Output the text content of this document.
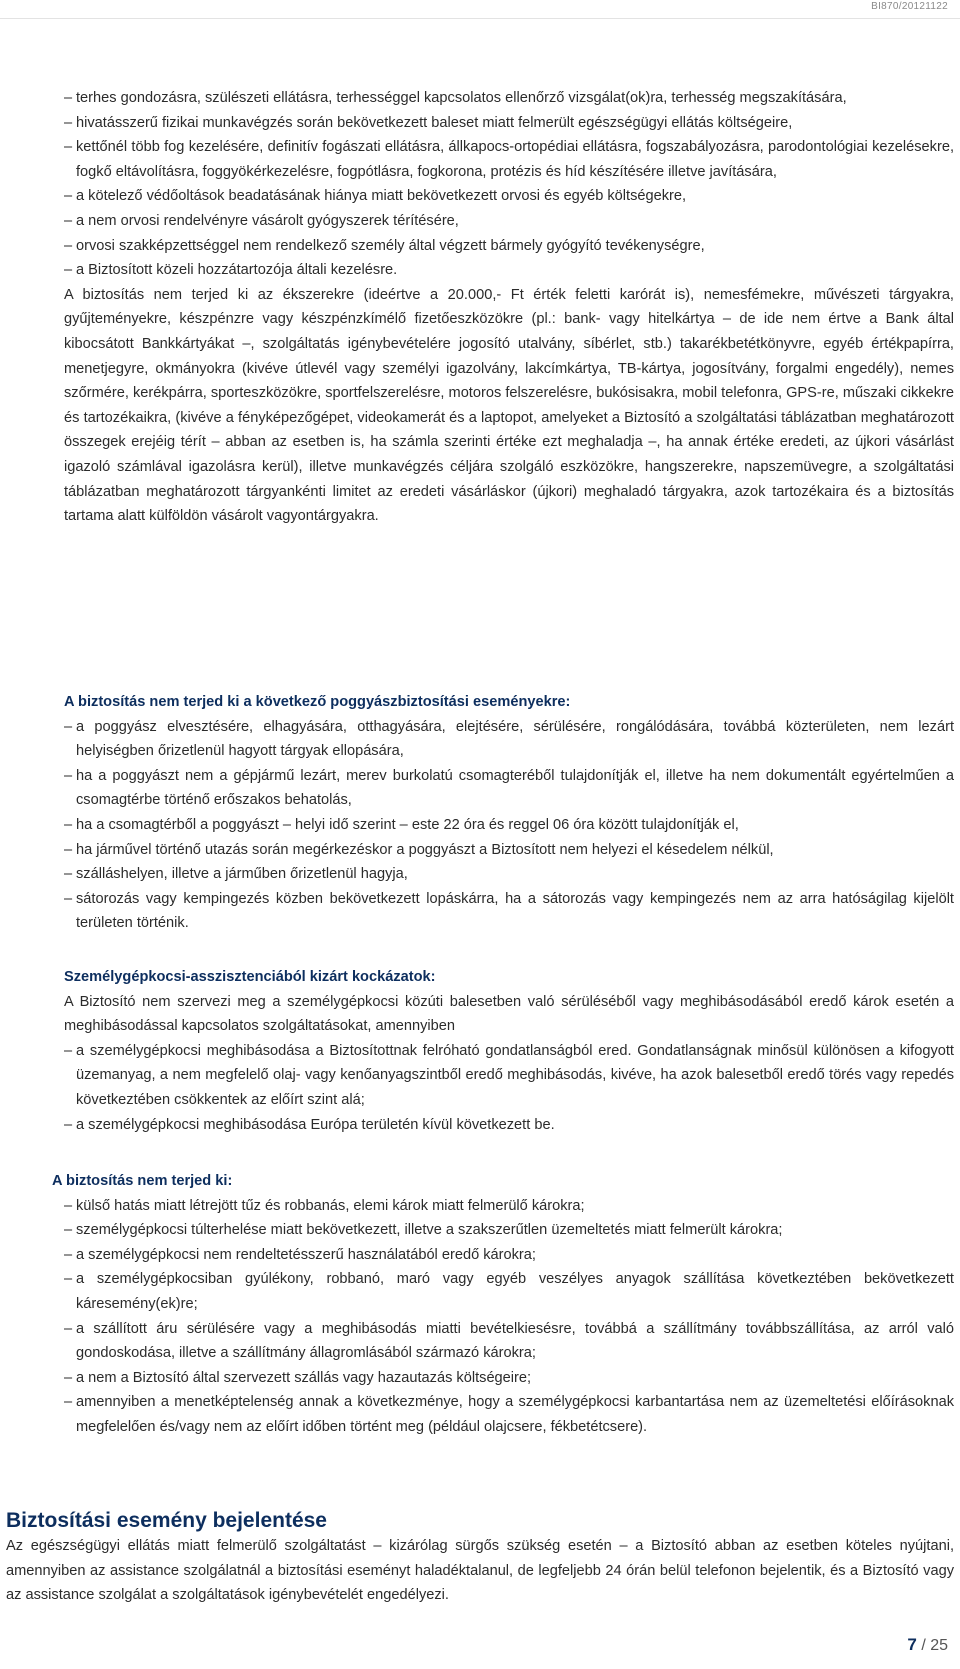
BI870/20121122

– terhes gondozásra, szülészeti ellátásra, terhességgel kapcsolatos ellenőrző vizsgálat(ok)ra, terhesség megszakítására,

– hivatásszerű fizikai munkavégzés során bekövetkezett baleset miatt felmerült egészségügyi ellátás költségeire,

– kettőnél több fog kezelésére, definitív fogászati ellátásra, állkapocs-ortopédiai ellátásra, fogszabályozásra, parodontológiai kezelésekre, fogkő eltávolításra, foggyökérkezelésre, fogpótlásra, fogkorona, protézis és híd készítésére illetve javítására,

– a kötelező védőoltások beadatásának hiánya miatt bekövetkezett orvosi és egyéb költségekre,

– a nem orvosi rendelvényre vásárolt gyógyszerek térítésére,

– orvosi szakképzettséggel nem rendelkező személy által végzett bármely gyógyító tevékenységre,

– a Biztosított közeli hozzátartozója általi kezelésre.

A biztosítás nem terjed ki az ékszerekre (ideértve a 20.000,- Ft érték feletti karórát is), nemesfémekre, művészeti tárgyakra, gyűjteményekre, készpénzre vagy készpénzkímélő fizetőeszközökre (pl.: bank- vagy hitelkártya – de ide nem értve a Bank által kibocsátott Bankkártyákat –, szolgáltatás igénybevételére jogosító utalvány, síbérlet, stb.) takarékbetétkönyvre, egyéb értékpapírra, menetjegyre, okmányokra (kivéve útlevél vagy személyi igazolvány, lakcímkártya, TB-kártya, jogosítvány, forgalmi engedély), nemes szőrmére, kerékpárra, sporteszközökre, sportfelszerelésre, motoros felszerelésre, bukósisakra, mobil telefonra, GPS-re, műszaki cikkekre és tartozékaikra, (kivéve a fényképezőgépet, videokamerát és a laptopot, amelyeket a Biztosító a szolgáltatási táblázatban meghatározott összegek erejéig térít – abban az esetben is, ha számla szerinti értéke ezt meghaladja –, ha annak értéke eredeti, az újkori vásárlást igazoló számlával igazolásra kerül), illetve munkavégzés céljára szolgáló eszközökre, hangszerekre, napszemüvegre, a szolgáltatási táblázatban meghatározott tárgyankénti limitet az eredeti vásárláskor (újkori) meghaladó tárgyakra, azok tartozékaira és a biztosítás tartama alatt külföldön vásárolt vagyontárgyakra.

A biztosítás nem terjed ki a következő poggyászbiztosítási eseményekre:

– a poggyász elvesztésére, elhagyására, otthagyására, elejtésére, sérülésére, rongálódására, továbbá közterületen, nem lezárt helyiségben őrizetlenül hagyott tárgyak ellopására,

– ha a poggyászt nem a gépjármű lezárt, merev burkolatú csomagteréből tulajdonítják el, illetve ha nem dokumentált egyértelműen a csomagtérbe történő erőszakos behatolás,

– ha a csomagtérből a poggyászt – helyi idő szerint – este 22 óra és reggel 06 óra között tulajdonítják el,

– ha járművel történő utazás során megérkezéskor a poggyászt a Biztosított nem helyezi el késedelem nélkül,

– szálláshelyen, illetve a járműben őrizetlenül hagyja,

– sátorozás vagy kempingezés közben bekövetkezett lopáskárra, ha a sátorozás vagy kempingezés nem az arra hatóságilag kijelölt területen történik.

Személygépkocsi-asszisztenciából kizárt kockázatok:

A Biztosító nem szervezi meg a személygépkocsi közúti balesetben való sérüléséből vagy meghibásodásából eredő károk esetén a meghibásodással kapcsolatos szolgáltatásokat, amennyiben

– a személygépkocsi meghibásodása a Biztosítottnak felróható gondatlanságból ered. Gondatlanságnak minősül különösen a kifogyott üzemanyag, a nem megfelelő olaj- vagy kenőanyagszintből eredő meghibásodás, kivéve, ha azok balesetből eredő törés vagy repedés következtében csökkentek az előírt szint alá;

– a személygépkocsi meghibásodása Európa területén kívül következett be.

A biztosítás nem terjed ki:

– külső hatás miatt létrejött tűz és robbanás, elemi károk miatt felmerülő károkra;

– személygépkocsi túlterhelése miatt bekövetkezett, illetve a szakszerűtlen üzemeltetés miatt felmerült károkra;

– a személygépkocsi nem rendeltetésszerű használatából eredő károkra;

– a személygépkocsiban gyúlékony, robbanó, maró vagy egyéb veszélyes anyagok szállítása következtében bekövetkezett káresemény(ek)re;

– a szállított áru sérülésére vagy a meghibásodás miatti bevételkiesésre, továbbá a szállítmány továbbszállítása, az arról való gondoskodása, illetve a szállítmány állagromlásából származó károkra;

– a nem a Biztosító által szervezett szállás vagy hazautazás költségeire;

– amennyiben a menetképtelenség annak a következménye, hogy a személygépkocsi karbantartása nem az üzemeltetési előírásoknak megfelelően és/vagy nem az előírt időben történt meg (például olajcsere, fékbetétcsere).

Biztosítási esemény bejelentése

Az egészségügyi ellátás miatt felmerülő szolgáltatást – kizárólag sürgős szükség esetén – a Biztosító abban az esetben köteles nyújtani, amennyiben az assistance szolgálatnál a biztosítási eseményt haladéktalanul, de legfeljebb 24 órán belül telefonon bejelentik, és a Biztosító vagy az assistance szolgálat a szolgáltatások igénybevételét engedélyezi.

7 / 25
